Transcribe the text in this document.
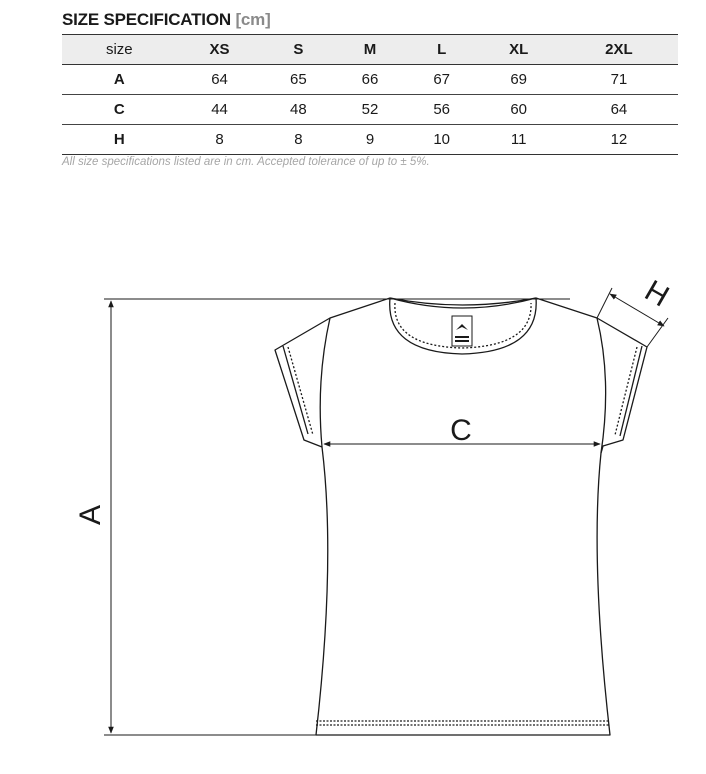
SIZE SPECIFICATION [cm]
size	XS	S	M	L	XL	2XL
A	64	65	66	67	69	71
C	44	48	52	56	60	64
H	8	8	9	10	11	12
All size specifications listed are in cm. Accepted tolerance of up to ± 5%.
A
C
H
